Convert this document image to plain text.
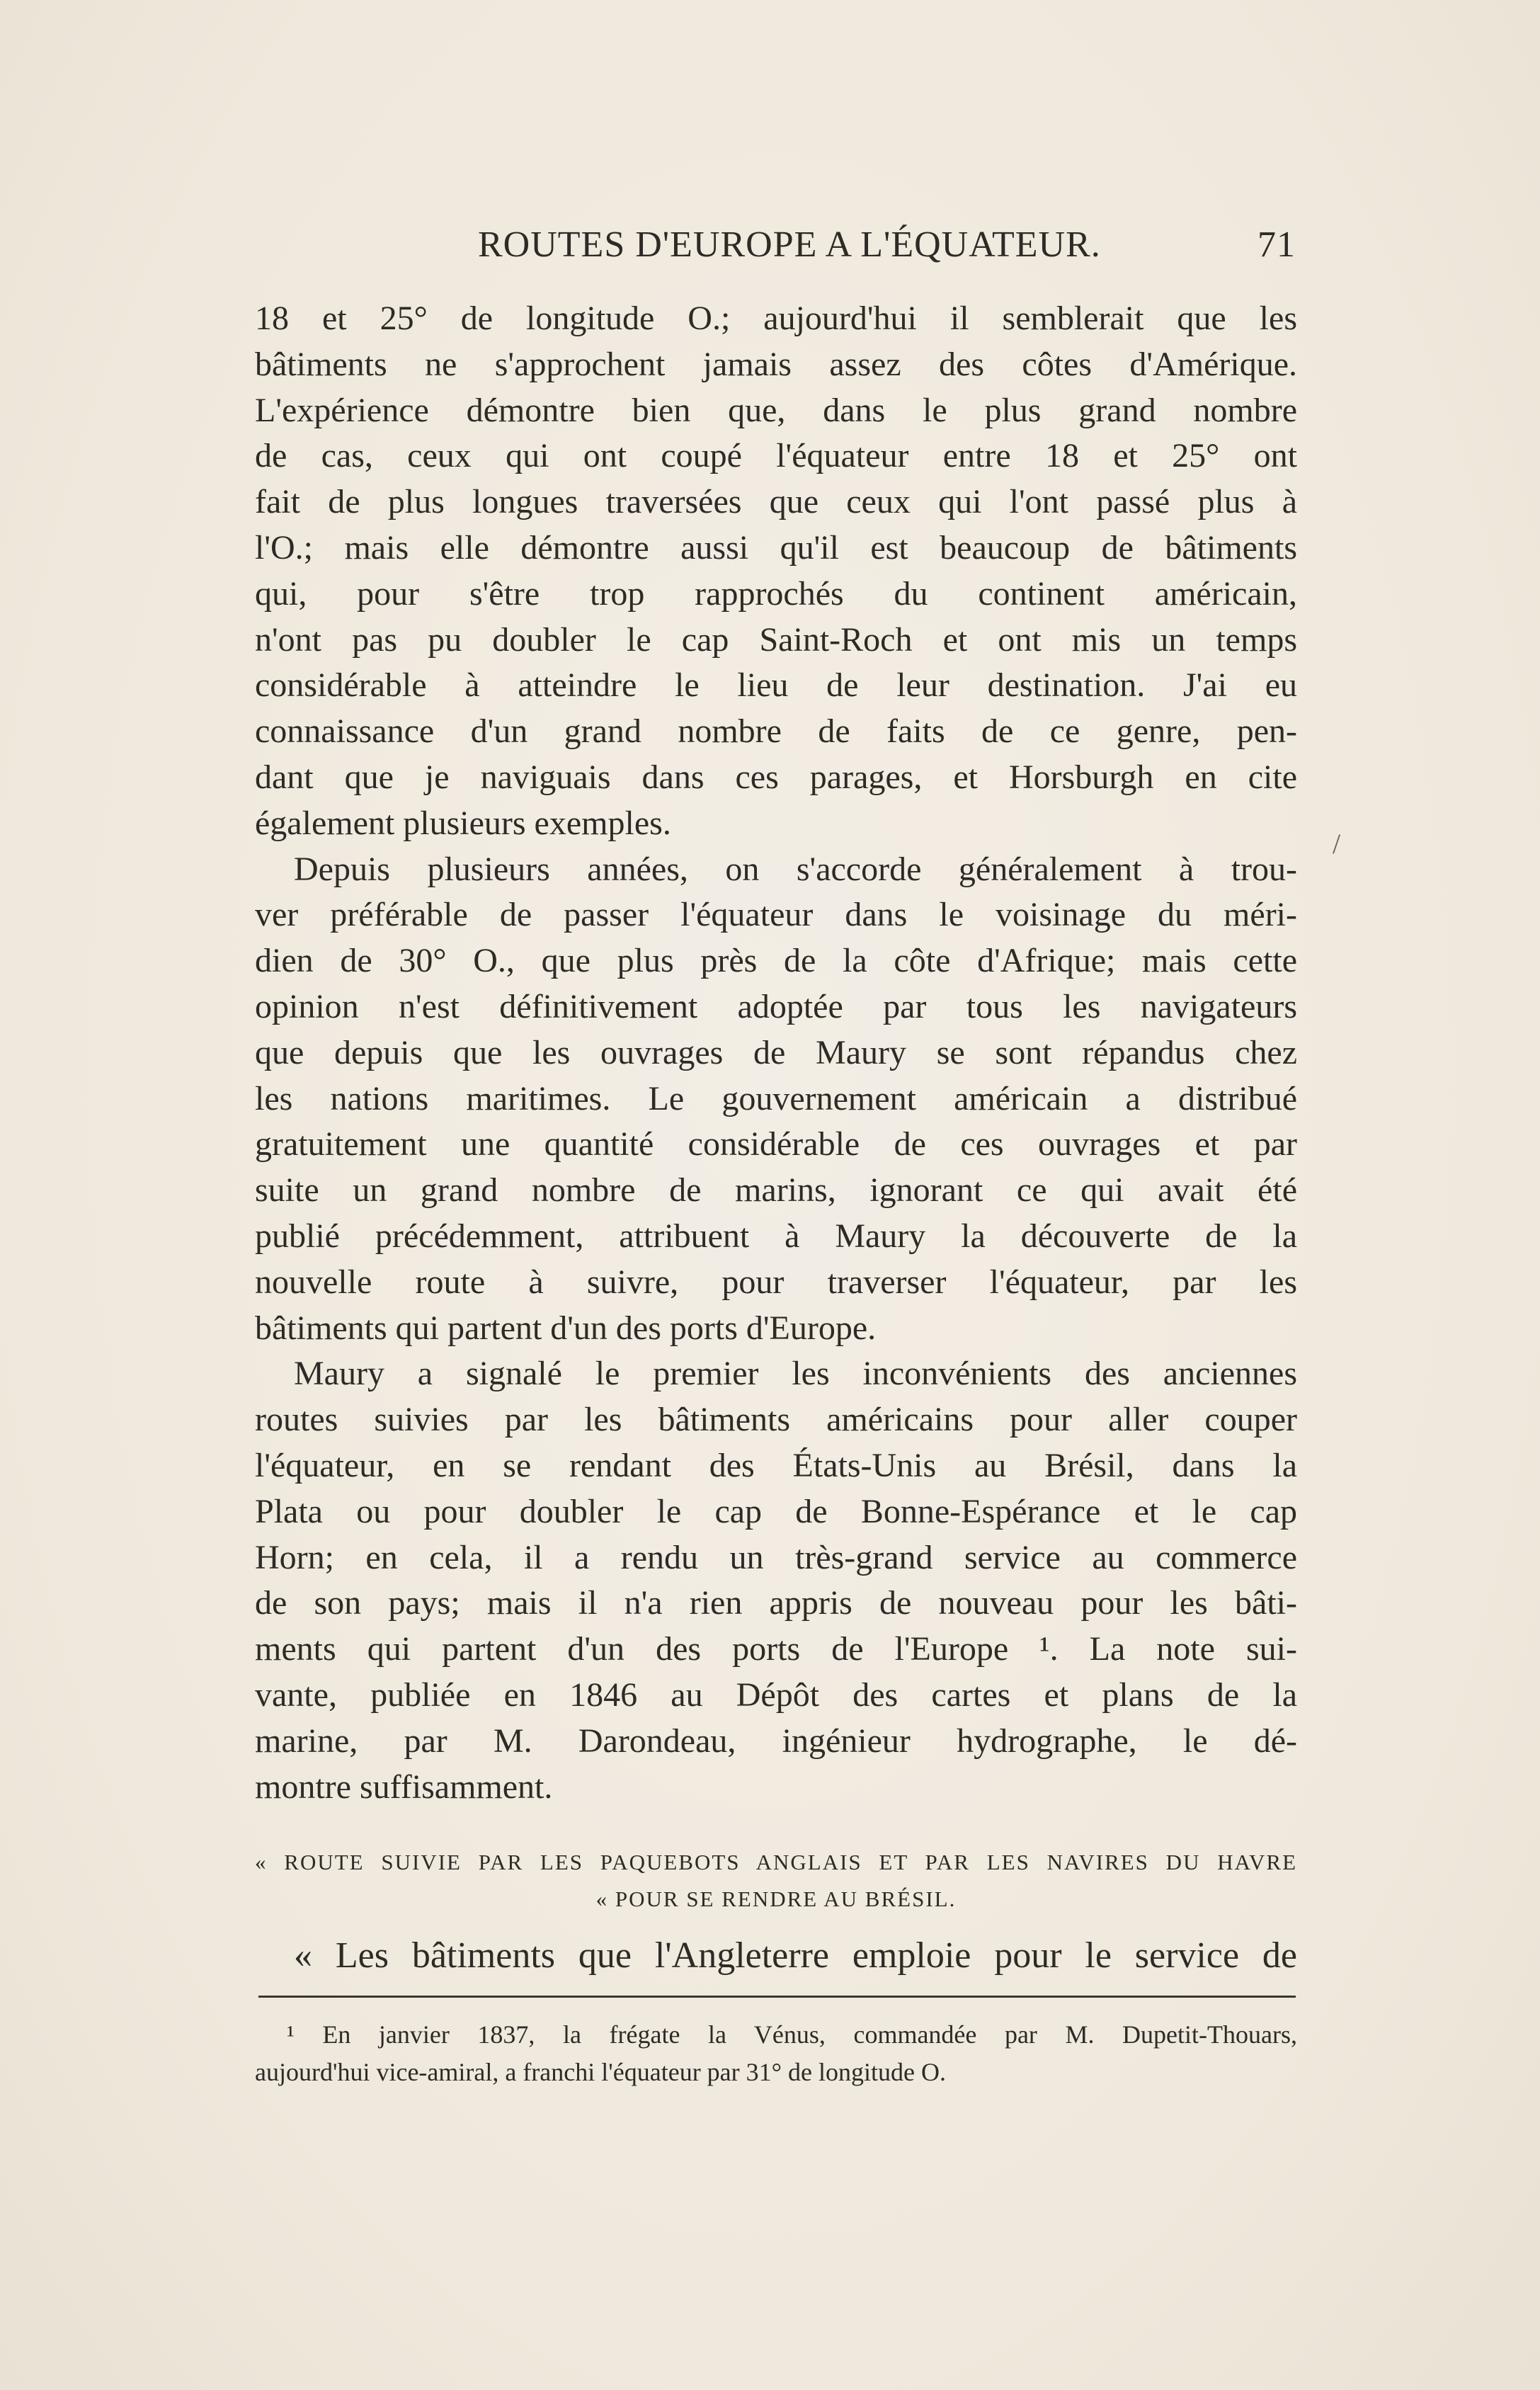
ROUTES D'EUROPE A L'ÉQUATEUR.	71
18 et 25° de longitude O.; aujourd'hui il semblerait que les
bâtiments ne s'approchent jamais assez des côtes d'Amérique.
L'expérience démontre bien que, dans le plus grand nombre
de cas, ceux qui ont coupé l'équateur entre 18 et 25° ont
fait de plus longues traversées que ceux qui l'ont passé plus à
l'O.; mais elle démontre aussi qu'il est beaucoup de bâtiments
qui, pour s'être trop rapprochés du continent américain,
n'ont pas pu doubler le cap Saint-Roch et ont mis un temps
considérable à atteindre le lieu de leur destination. J'ai eu
connaissance d'un grand nombre de faits de ce genre, pen-
dant que je naviguais dans ces parages, et Horsburgh en cite
également plusieurs exemples.
Depuis plusieurs années, on s'accorde généralement à trou-
ver préférable de passer l'équateur dans le voisinage du méri-
dien de 30° O., que plus près de la côte d'Afrique; mais cette
opinion n'est définitivement adoptée par tous les navigateurs
que depuis que les ouvrages de Maury se sont répandus chez
les nations maritimes. Le gouvernement américain a distribué
gratuitement une quantité considérable de ces ouvrages et par
suite un grand nombre de marins, ignorant ce qui avait été
publié précédemment, attribuent à Maury la découverte de la
nouvelle route à suivre, pour traverser l'équateur, par les
bâtiments qui partent d'un des ports d'Europe.
Maury a signalé le premier les inconvénients des anciennes
routes suivies par les bâtiments américains pour aller couper
l'équateur, en se rendant des États-Unis au Brésil, dans la
Plata ou pour doubler le cap de Bonne-Espérance et le cap
Horn; en cela, il a rendu un très-grand service au commerce
de son pays; mais il n'a rien appris de nouveau pour les bâti-
ments qui partent d'un des ports de l'Europe ¹. La note sui-
vante, publiée en 1846 au Dépôt des cartes et plans de la
marine, par M. Darondeau, ingénieur hydrographe, le dé-
montre suffisamment.
« ROUTE SUIVIE PAR LES PAQUEBOTS ANGLAIS ET PAR LES NAVIRES DU HAVRE
« POUR SE RENDRE AU BRÉSIL.
« Les bâtiments que l'Angleterre emploie pour le service de
¹ En janvier 1837, la frégate la Vénus, commandée par M. Dupetit-Thouars,
aujourd'hui vice-amiral, a franchi l'équateur par 31° de longitude O.
/
